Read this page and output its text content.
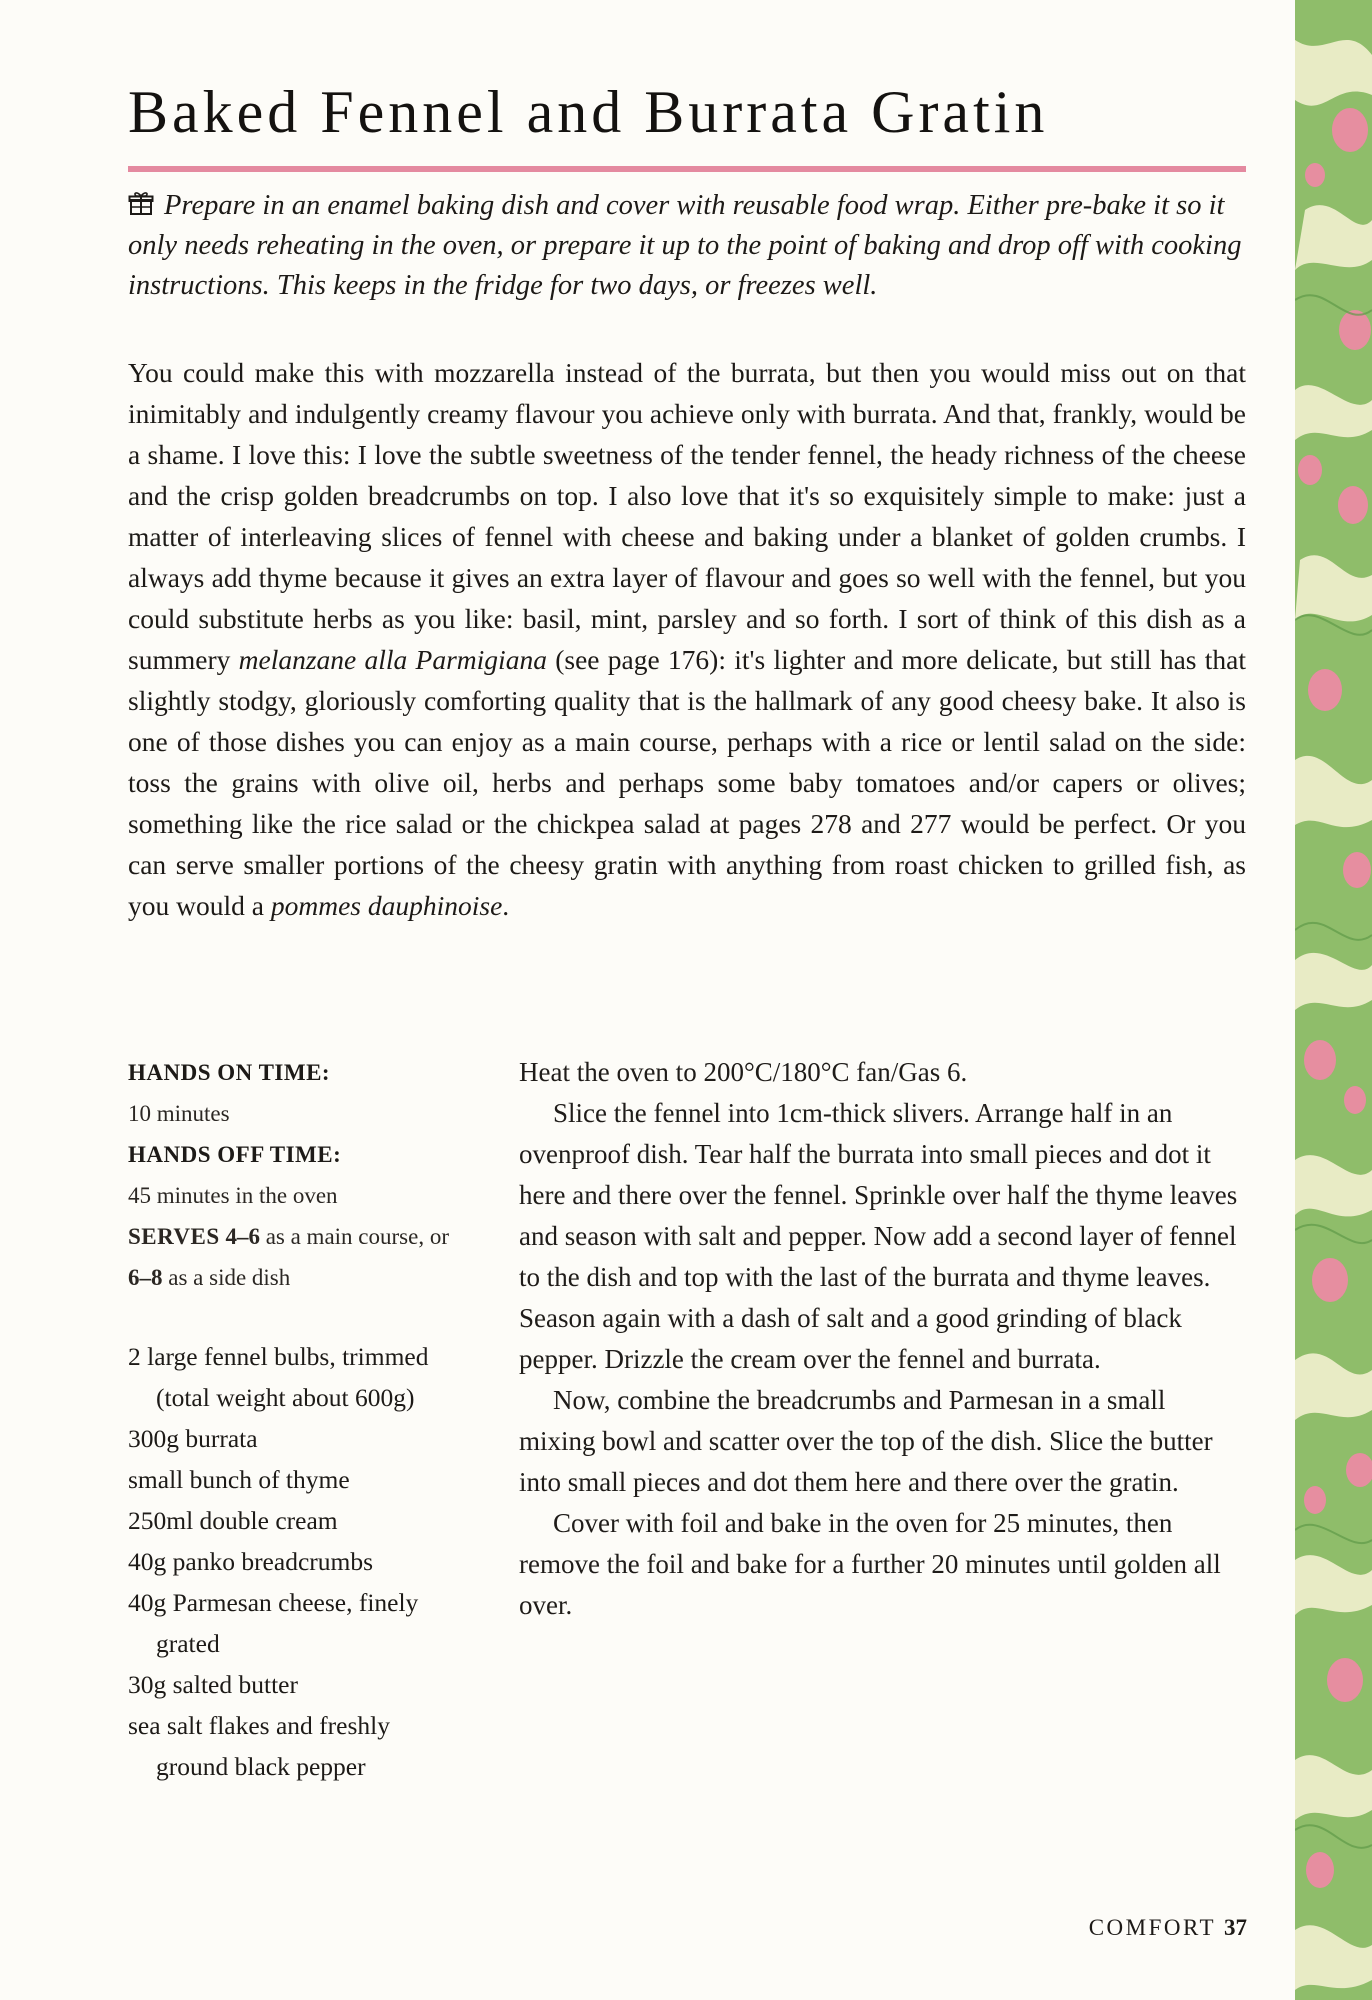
Baked Fennel and Burrata Gratin
Prepare in an enamel baking dish and cover with reusable food wrap. Either pre-bake it so it only needs reheating in the oven, or prepare it up to the point of baking and drop off with cooking instructions. This keeps in the fridge for two days, or freezes well.
You could make this with mozzarella instead of the burrata, but then you would miss out on that inimitably and indulgently creamy flavour you achieve only with burrata. And that, frankly, would be a shame. I love this: I love the subtle sweetness of the tender fennel, the heady richness of the cheese and the crisp golden breadcrumbs on top. I also love that it's so exquisitely simple to make: just a matter of interleaving slices of fennel with cheese and baking under a blanket of golden crumbs. I always add thyme because it gives an extra layer of flavour and goes so well with the fennel, but you could substitute herbs as you like: basil, mint, parsley and so forth. I sort of think of this dish as a summery melanzane alla Parmigiana (see page 176): it's lighter and more delicate, but still has that slightly stodgy, gloriously comforting quality that is the hallmark of any good cheesy bake. It also is one of those dishes you can enjoy as a main course, perhaps with a rice or lentil salad on the side: toss the grains with olive oil, herbs and perhaps some baby tomatoes and/or capers or olives; something like the rice salad or the chickpea salad at pages 278 and 277 would be perfect. Or you can serve smaller portions of the cheesy gratin with anything from roast chicken to grilled fish, as you would a pommes dauphinoise.
HANDS ON TIME:
10 minutes
HANDS OFF TIME:
45 minutes in the oven
SERVES 4–6 as a main course, or 6–8 as a side dish
2 large fennel bulbs, trimmed (total weight about 600g)
300g burrata
small bunch of thyme
250ml double cream
40g panko breadcrumbs
40g Parmesan cheese, finely grated
30g salted butter
sea salt flakes and freshly ground black pepper

Heat the oven to 200°C/180°C fan/Gas 6.

Slice the fennel into 1cm-thick slivers. Arrange half in an ovenproof dish. Tear half the burrata into small pieces and dot it here and there over the fennel. Sprinkle over half the thyme leaves and season with salt and pepper. Now add a second layer of fennel to the dish and top with the last of the burrata and thyme leaves. Season again with a dash of salt and a good grinding of black pepper. Drizzle the cream over the fennel and burrata.

Now, combine the breadcrumbs and Parmesan in a small mixing bowl and scatter over the top of the dish. Slice the butter into small pieces and dot them here and there over the gratin.

Cover with foil and bake in the oven for 25 minutes, then remove the foil and bake for a further 20 minutes until golden all over.

COMFORT 37
